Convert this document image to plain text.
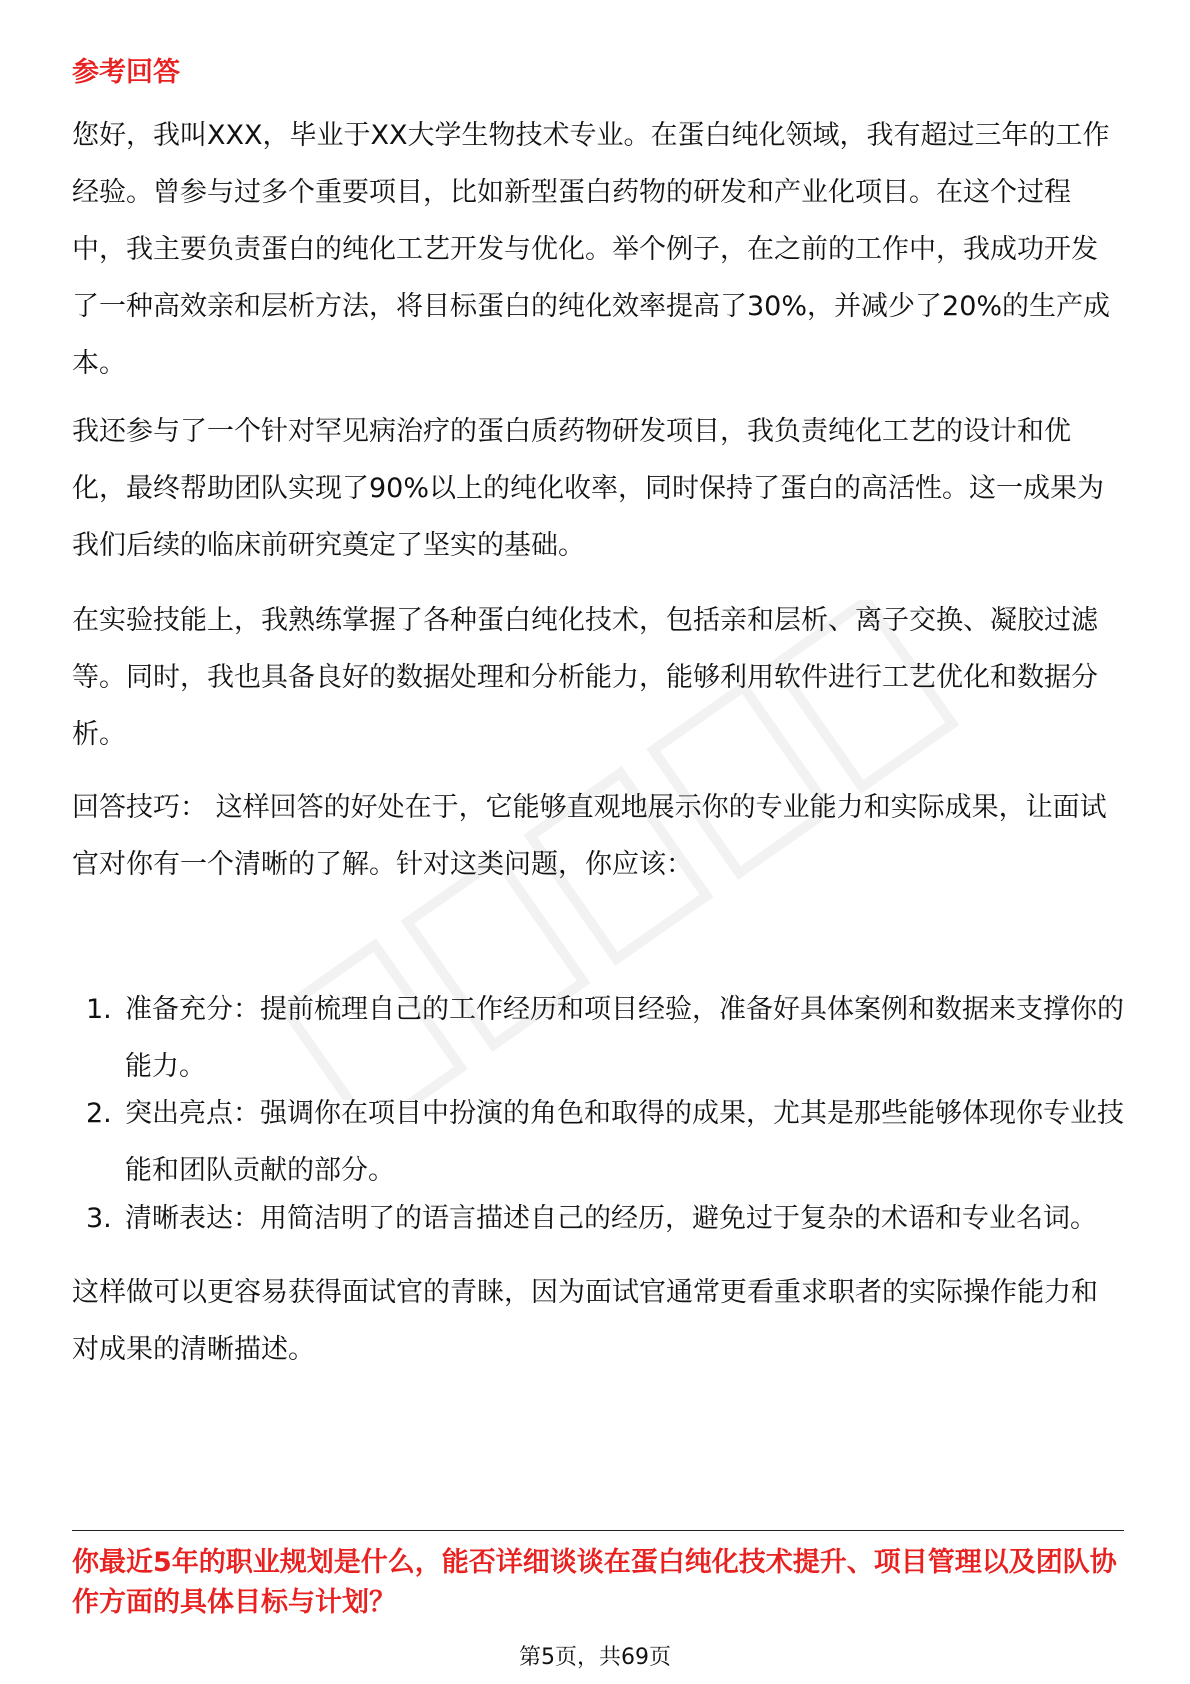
参考回答

您好，我叫XXX，毕业于XX大学生物技术专业。在蛋白纯化领域，我有超过三年的工作经验。曾参与过多个重要项目，比如新型蛋白药物的研发和产业化项目。在这个过程中，我主要负责蛋白的纯化工艺开发与优化。举个例子，在之前的工作中，我成功开发了一种高效亲和层析方法，将目标蛋白的纯化效率提高了30%，并减少了20%的生产成本。

我还参与了一个针对罕见病治疗的蛋白质药物研发项目，我负责纯化工艺的设计和优化，最终帮助团队实现了90%以上的纯化收率，同时保持了蛋白的高活性。这一成果为我们后续的临床前研究奠定了坚实的基础。

在实验技能上，我熟练掌握了各种蛋白纯化技术，包括亲和层析、离子交换、凝胶过滤等。同时，我也具备良好的数据处理和分析能力，能够利用软件进行工艺优化和数据分析。

回答技巧： 这样回答的好处在于，它能够直观地展示你的专业能力和实际成果，让面试官对你有一个清晰的了解。针对这类问题，你应该：

1. 准备充分：提前梳理自己的工作经历和项目经验，准备好具体案例和数据来支撑你的能力。
2. 突出亮点：强调你在项目中扮演的角色和取得的成果，尤其是那些能够体现你专业技能和团队贡献的部分。
3. 清晰表达：用简洁明了的语言描述自己的经历，避免过于复杂的术语和专业名词。

这样做可以更容易获得面试官的青睐，因为面试官通常更看重求职者的实际操作能力和对成果的清晰描述。

你最近5年的职业规划是什么，能否详细谈谈在蛋白纯化技术提升、项目管理以及团队协作方面的具体目标与计划？

第5页，共69页
